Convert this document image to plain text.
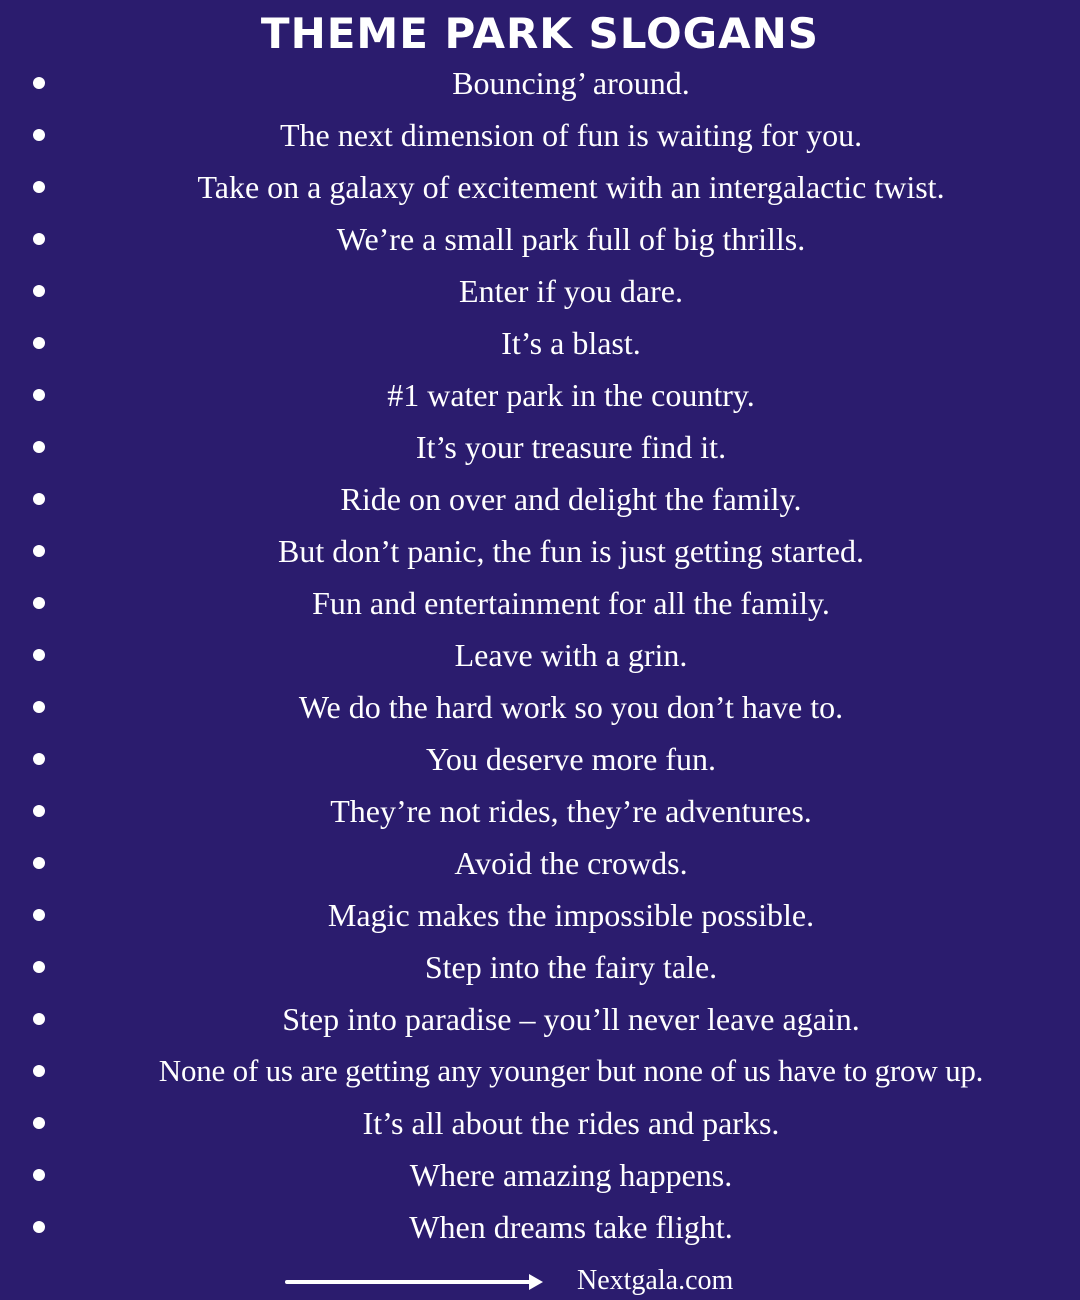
THEME PARK SLOGANS
Bouncing’ around.
The next dimension of fun is waiting for you.
Take on a galaxy of excitement with an intergalactic twist.
We’re a small park full of big thrills.
Enter if you dare.
It’s a blast.
#1 water park in the country.
It’s your treasure find it.
Ride on over and delight the family.
But don’t panic, the fun is just getting started.
Fun and entertainment for all the family.
Leave with a grin.
We do the hard work so you don’t have to.
You deserve more fun.
They’re not rides, they’re adventures.
Avoid the crowds.
Magic makes the impossible possible.
Step into the fairy tale.
Step into paradise – you’ll never leave again.
None of us are getting any younger but none of us have to grow up.
It’s all about the rides and parks.
Where amazing happens.
When dreams take flight.
Nextgala.com
